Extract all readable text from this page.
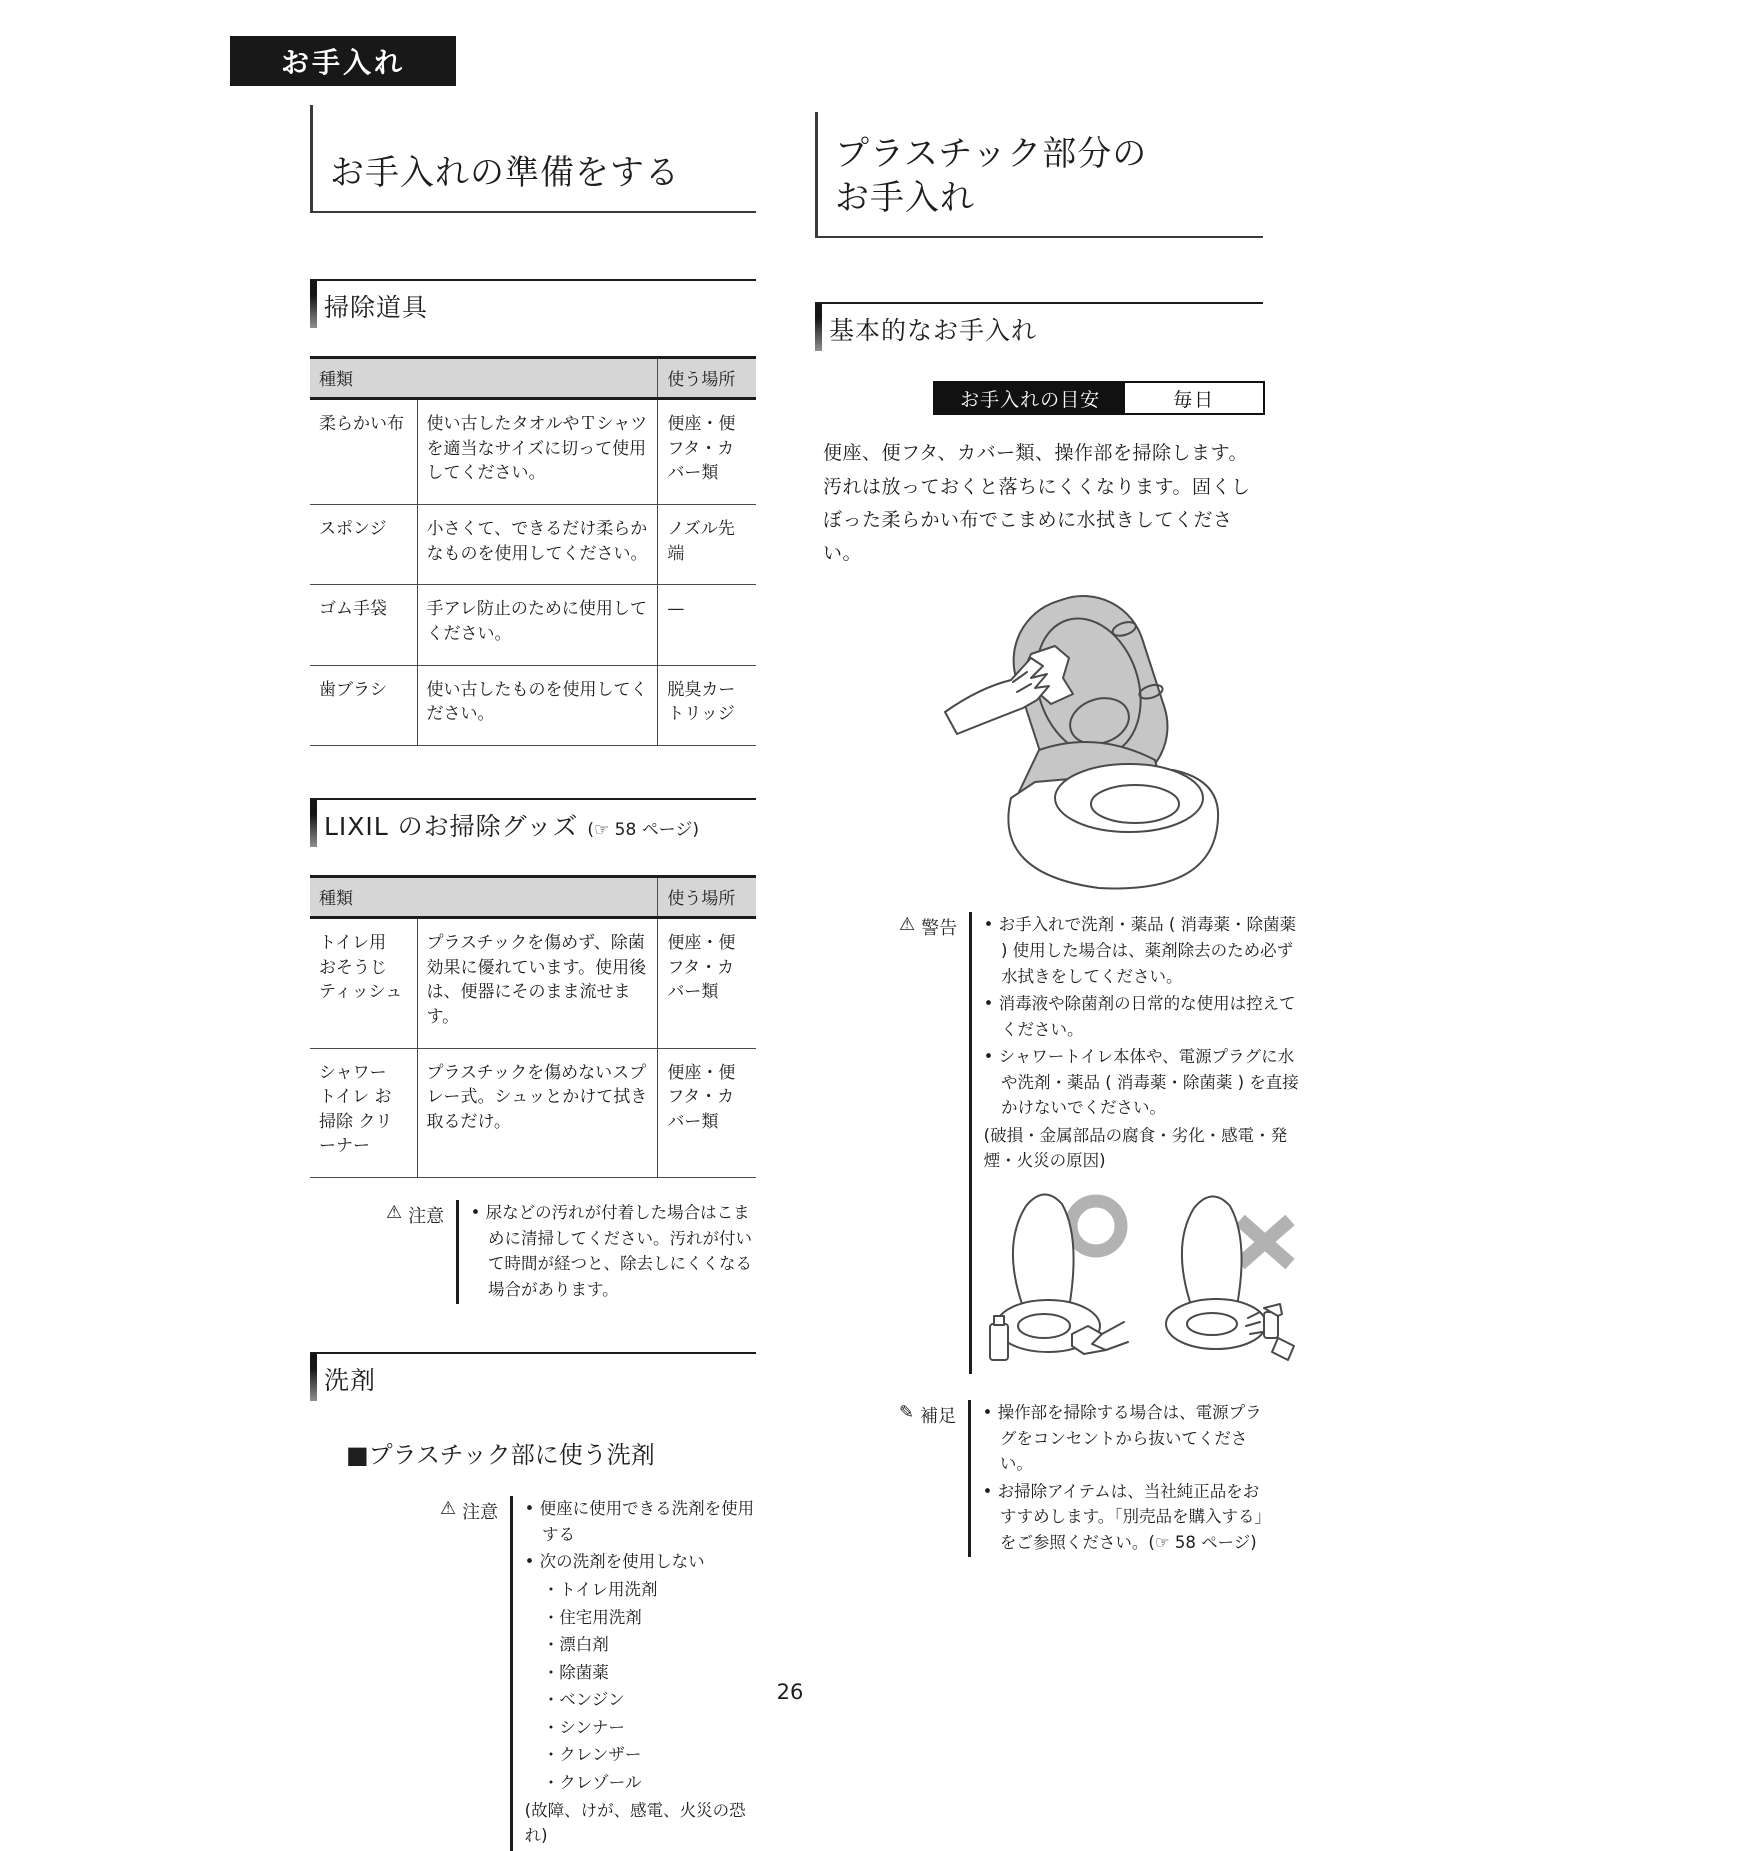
お手入れ
お手入れの準備をする
掃除道具
種類		使う場所
柔らかい布	使い古したタオルやＴシャツを適当なサイズに切って使用してください。	便座・便フタ・カバー類
スポンジ	小さくて、できるだけ柔らかなものを使用してください。	ノズル先端
ゴム手袋	手アレ防止のために使用してください。	—
歯ブラシ	使い古したものを使用してください。	脱臭カートリッジ
LIXIL のお掃除グッズ (☞ 58 ページ)
種類		使う場所
トイレ用 おそうじ ティッシュ	プラスチックを傷めず、除菌効果に優れています。使用後は、便器にそのまま流せます。	便座・便フタ・カバー類
シャワー トイレ お掃除 クリーナー	プラスチックを傷めないスプレー式。シュッとかけて拭き取るだけ。	便座・便フタ・カバー類
⚠ 注意 • 尿などの汚れが付着した場合はこまめに清掃してください。汚れが付いて時間が経つと、除去しにくくなる場合があります。

洗剤
■プラスチック部に使う洗剤
⚠ 注意 • 便座に使用できる洗剤を使用する

• 次の洗剤を使用しない

・トイレ用洗剤

・住宅用洗剤

・漂白剤

・除菌薬

・ベンジン

・シンナー

・クレンザー

・クレゾール

(故障、けが、感電、火災の恐れ)

プラスチック部分の
お手入れ
基本的なお手入れ
お手入れの目安	毎日

便座、便フタ、カバー類、操作部を掃除します。汚れは放っておくと落ちにくくなります。固くしぼった柔らかい布でこまめに水拭きしてください。

⚠ 警告 • お手入れで洗剤・薬品 ( 消毒薬・除菌薬 ) 使用した場合は、薬剤除去のため必ず水拭きをしてください。

• 消毒液や除菌剤の日常的な使用は控えてください。

• シャワートイレ本体や、電源プラグに水や洗剤・薬品 ( 消毒薬・除菌薬 ) を直接かけないでください。

(破損・金属部品の腐食・劣化・感電・発煙・火災の原因)

✎ 補足 • 操作部を掃除する場合は、電源プラグをコンセントから抜いてください。

• お掃除アイテムは、当社純正品をおすすめします。「別売品を購入する」をご参照ください。(☞ 58 ページ)

26
